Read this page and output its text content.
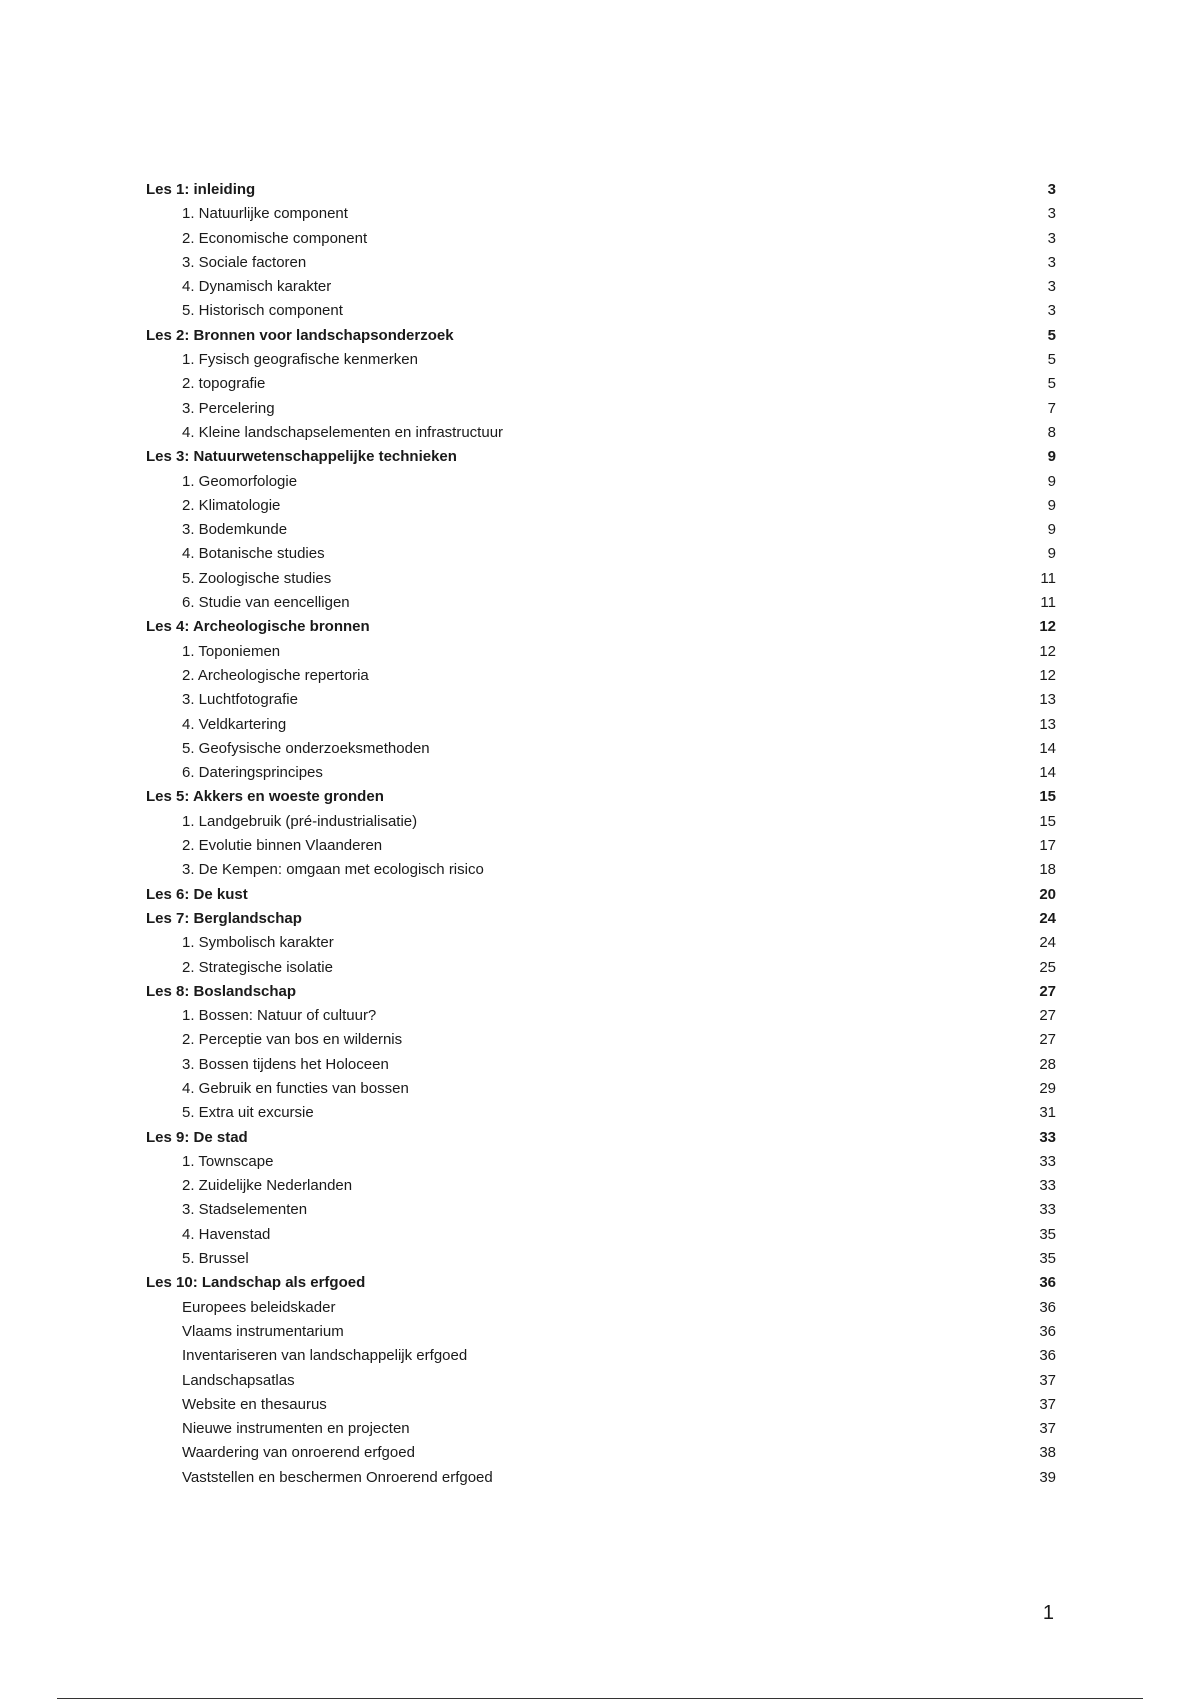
Les 1: inleiding	3
1. Natuurlijke component	3
2. Economische component	3
3. Sociale factoren	3
4. Dynamisch karakter	3
5. Historisch component	3
Les 2: Bronnen voor landschapsonderzoek	5
1. Fysisch geografische kenmerken	5
2. topografie	5
3. Percelering	7
4. Kleine landschapselementen en infrastructuur	8
Les 3: Natuurwetenschappelijke technieken	9
1. Geomorfologie	9
2. Klimatologie	9
3. Bodemkunde	9
4. Botanische studies	9
5. Zoologische studies	11
6. Studie van eencelligen	11
Les 4: Archeologische bronnen	12
1. Toponiemen	12
2. Archeologische repertoria	12
3. Luchtfotografie	13
4. Veldkartering	13
5. Geofysische onderzoeksmethoden	14
6. Dateringsprincipes	14
Les 5: Akkers en woeste gronden	15
1. Landgebruik (pré-industrialisatie)	15
2. Evolutie binnen Vlaanderen	17
3. De Kempen: omgaan met ecologisch risico	18
Les 6: De kust	20
Les 7: Berglandschap	24
1. Symbolisch karakter	24
2. Strategische isolatie	25
Les 8: Boslandschap	27
1. Bossen: Natuur of cultuur?	27
2. Perceptie van bos en wildernis	27
3. Bossen tijdens het Holoceen	28
4. Gebruik en functies van bossen	29
5. Extra uit excursie	31
Les 9: De stad	33
1. Townscape	33
2. Zuidelijke Nederlanden	33
3. Stadselementen	33
4. Havenstad	35
5. Brussel	35
Les 10: Landschap als erfgoed	36
Europees beleidskader	36
Vlaams instrumentarium	36
Inventariseren van landschappelijk erfgoed	36
Landschapsatlas	37
Website en thesaurus	37
Nieuwe instrumenten en projecten	37
Waardering van onroerend erfgoed	38
Vaststellen en beschermen Onroerend erfgoed	39
1
